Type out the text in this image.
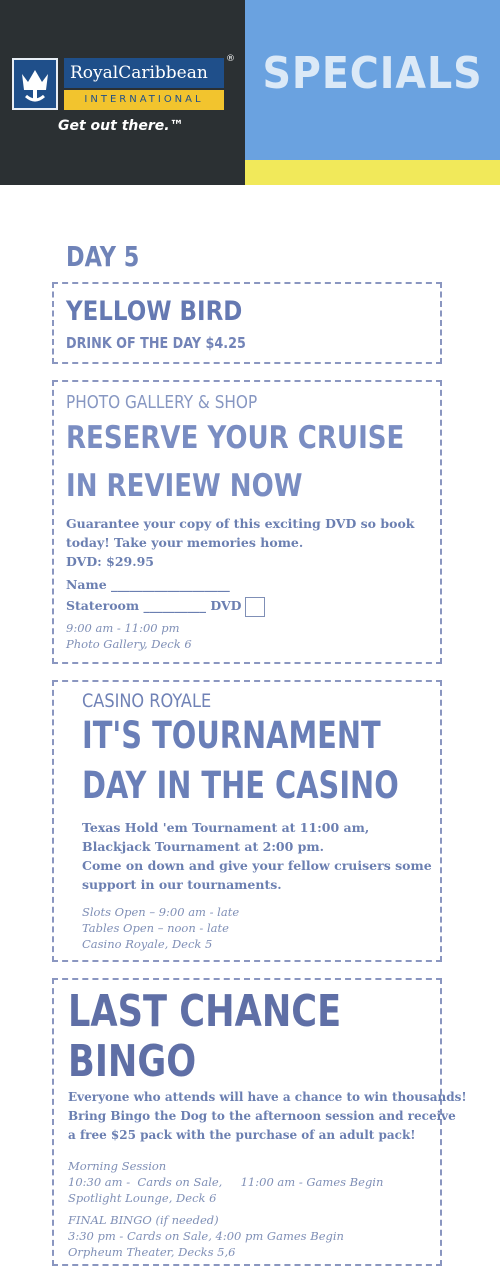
SPECIALS
RoyalCaribbean
INTERNATIONAL
®
Get out there.™
DAY 5
YELLOW BIRD
DRINK OF THE DAY $4.25
PHOTO GALLERY & SHOP
RESERVE YOUR CRUISE
IN REVIEW NOW
Guarantee your copy of this exciting DVD so book
today! Take your memories home.
DVD: $29.95
Name ___________________
Stateroom __________ DVD
9:00 am - 11:00 pm
Photo Gallery, Deck 6
CASINO ROYALE
IT'S TOURNAMENT
DAY IN THE CASINO
Texas Hold 'em Tournament at 11:00 am,
Blackjack Tournament at 2:00 pm.
Come on down and give your fellow cruisers some
support in our tournaments.
Slots Open – 9:00 am - late
Tables Open – noon - late
Casino Royale, Deck 5
LAST CHANCE
BINGO
Everyone who attends will have a chance to win thousands!
Bring Bingo the Dog to the afternoon session and receive
a free $25 pack with the purchase of an adult pack!
Morning Session
10:30 am -  Cards on Sale,     11:00 am - Games Begin
Spotlight Lounge, Deck 6
FINAL BINGO (if needed)
3:30 pm - Cards on Sale, 4:00 pm Games Begin
Orpheum Theater, Decks 5,6
